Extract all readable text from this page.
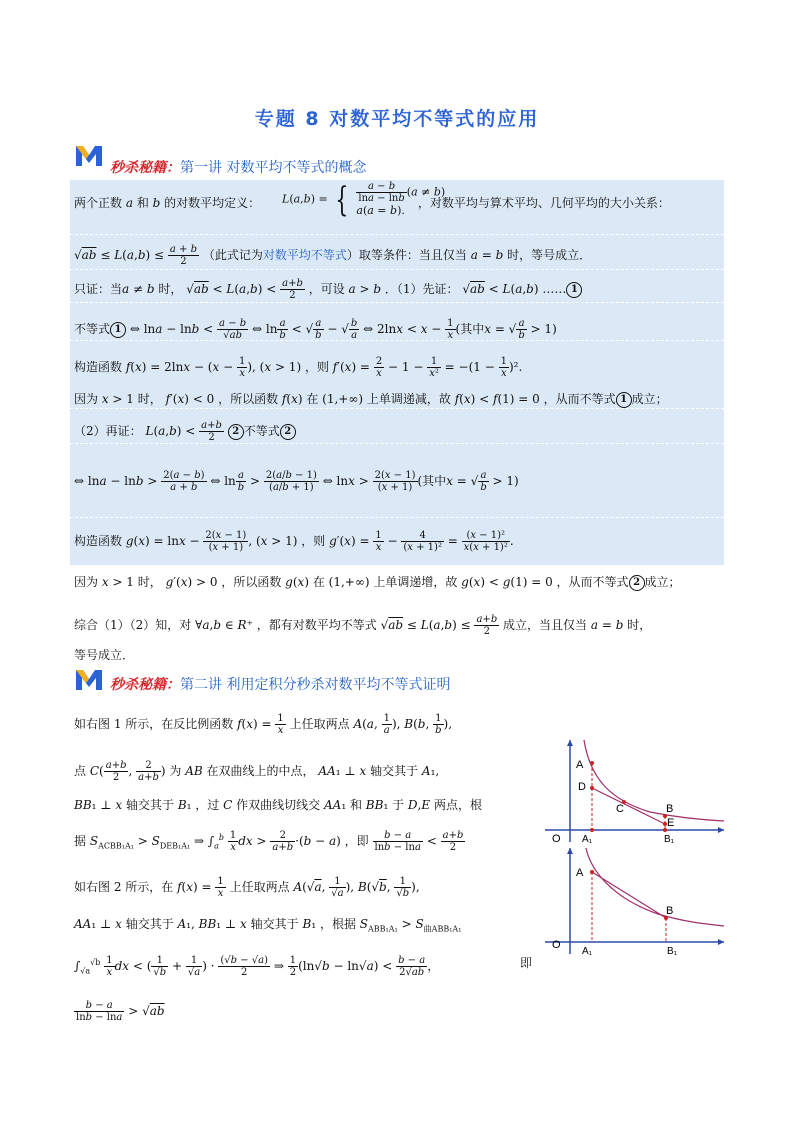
专题 8 对数平均不等式的应用
秒杀秘籍：第一讲 对数平均不等式的概念
两个正数 a 和 b 的对数平均定义：	，对数平均与算术平均、几何平均的大小关系：
L(a,b) = { $\frac{a - b}{\ln a - \ln b} (a \ne b)$
a(a = b).
$√ab \le L(a,b) \le \frac{a + b}{2}$ （此式记为对数平均不等式）取等条件：当且仅当 a = b 时，等号成立．
只证：当a ≠ b 时， $√ab < L(a,b) < \frac{a+b}{2}$ ，可设 a > b ．（1）先证： √ab < L(a,b) …… 1
不等式 1 ⇔ $\ln a - \ln b < \frac{a - b}{√ab}$ ⇔ $\ln \frac{a}{b}$ < √ $\frac{a}{b}$ − √ $\frac{b}{a}$ ⇔ $2\ln x < x - \frac{1}{x}$ (其中x = √ $\frac{a}{b} > 1$)
构造函数 $f(x) = 2\ln x - (x - \frac{1}{x}$ ), (x > 1) ，则 $f'(x) = \frac{2}{x} - 1 - \frac{1}{\text{x²}} = -(1 - \frac{1}{x} )^2$.
因为 x > 1 时， f′(x) < 0 ，所以函数 f(x) 在 (1,+∞) 上单调递减，故 f(x) < f(1) = 0 ，从而不等式 1 成立；
（2）再证： $L(a,b) < \frac{a+b}{2} 2$ 不等式 2
⇔ $\ln a - \ln b > \frac{2(a - b)}{a + b}$ ⇔ $\ln \frac{a}{b} > \frac{2(a/b - 1)}{(a/b + 1)}$ ⇔ $\ln x > \frac{2(x - 1)}{(x + 1)}$ (其中x = √ $\frac{a}{b} > 1$)
构造函数 $g(x) = \ln x - \frac{2(x - 1)}{(x + 1)}$ , (x > 1) ，则 $g'(x) = \frac{1}{x} - \frac{4}{\text{(x + 1)²}} = \frac{\text{(x − 1)²}}{\text{x(x + 1)²}}$ .
因为 x > 1 时， g′(x) > 0 ，所以函数 g(x) 在 (1,+∞) 上单调递增，故 g(x) < g(1) = 0 ，从而不等式 2 成立；
综合（1）（2）知，对 ∀a,b ∈ R⁺ ，都有对数平均不等式 $√ab \le L(a,b) \le \frac{a+b}{2}$ 成立，当且仅当 a = b 时，
等号成立．
秒杀秘籍：第二讲 利用定积分秒杀对数平均不等式证明
如右图 1 所示，在反比例函数 $f(x) = \frac{1}{x}$ 上任取两点 A(a, $\frac{1}{a}$ ), B(b, $\frac{1}{b}$ ),
点 $C( \frac{a+b}{2}$ , $\frac{2}{a+b}$ ) 为 AB 在双曲线上的中点， AA₁ ⊥ x 轴交其于 A₁,
BB₁ ⊥ x 轴交其于 B₁ ，过 C 作双曲线切线交 AA₁ 和 BB₁ 于 D,E 两点，根
据 $S_{ACBB_1A_1} > S_{DEB_1A_1}$ ⇒ $\int_a^b \frac{1}{x}$ dx > $\frac{2}{a+b} \cdot(b - a)$ ，即 $\frac{b - a}{\ln b - \ln a} < \frac{a+b}{2}$
如右图 2 所示，在 $f(x) = \frac{1}{x}$ 上任取两点 A(√a, $\frac{1}{√a}$ ), B(√b, $\frac{1}{√b}$ ),
AA₁ ⊥ x 轴交其于 A₁, BB₁ ⊥ x 轴交其于 B₁ ，根据 $S_{ABB_1A_1} > S_{曲ABB_1A_1}$
$\int_{√a}^{√b} \frac{1}{x}$ dx < ( $\frac{1}{√b} + \frac{1}{√a}$ ) · $\frac{(√b - √a)}{2}$ ⇒ $\frac{1}{2} (\ln√b - \ln√a) < \frac{b - a}{2√ab}$ ，	即
$\frac{b - a}{\ln b - \ln a} > √ab$
A
A₁
D
C	B
E
B₁
O
A
A₁
B
B₁
O
